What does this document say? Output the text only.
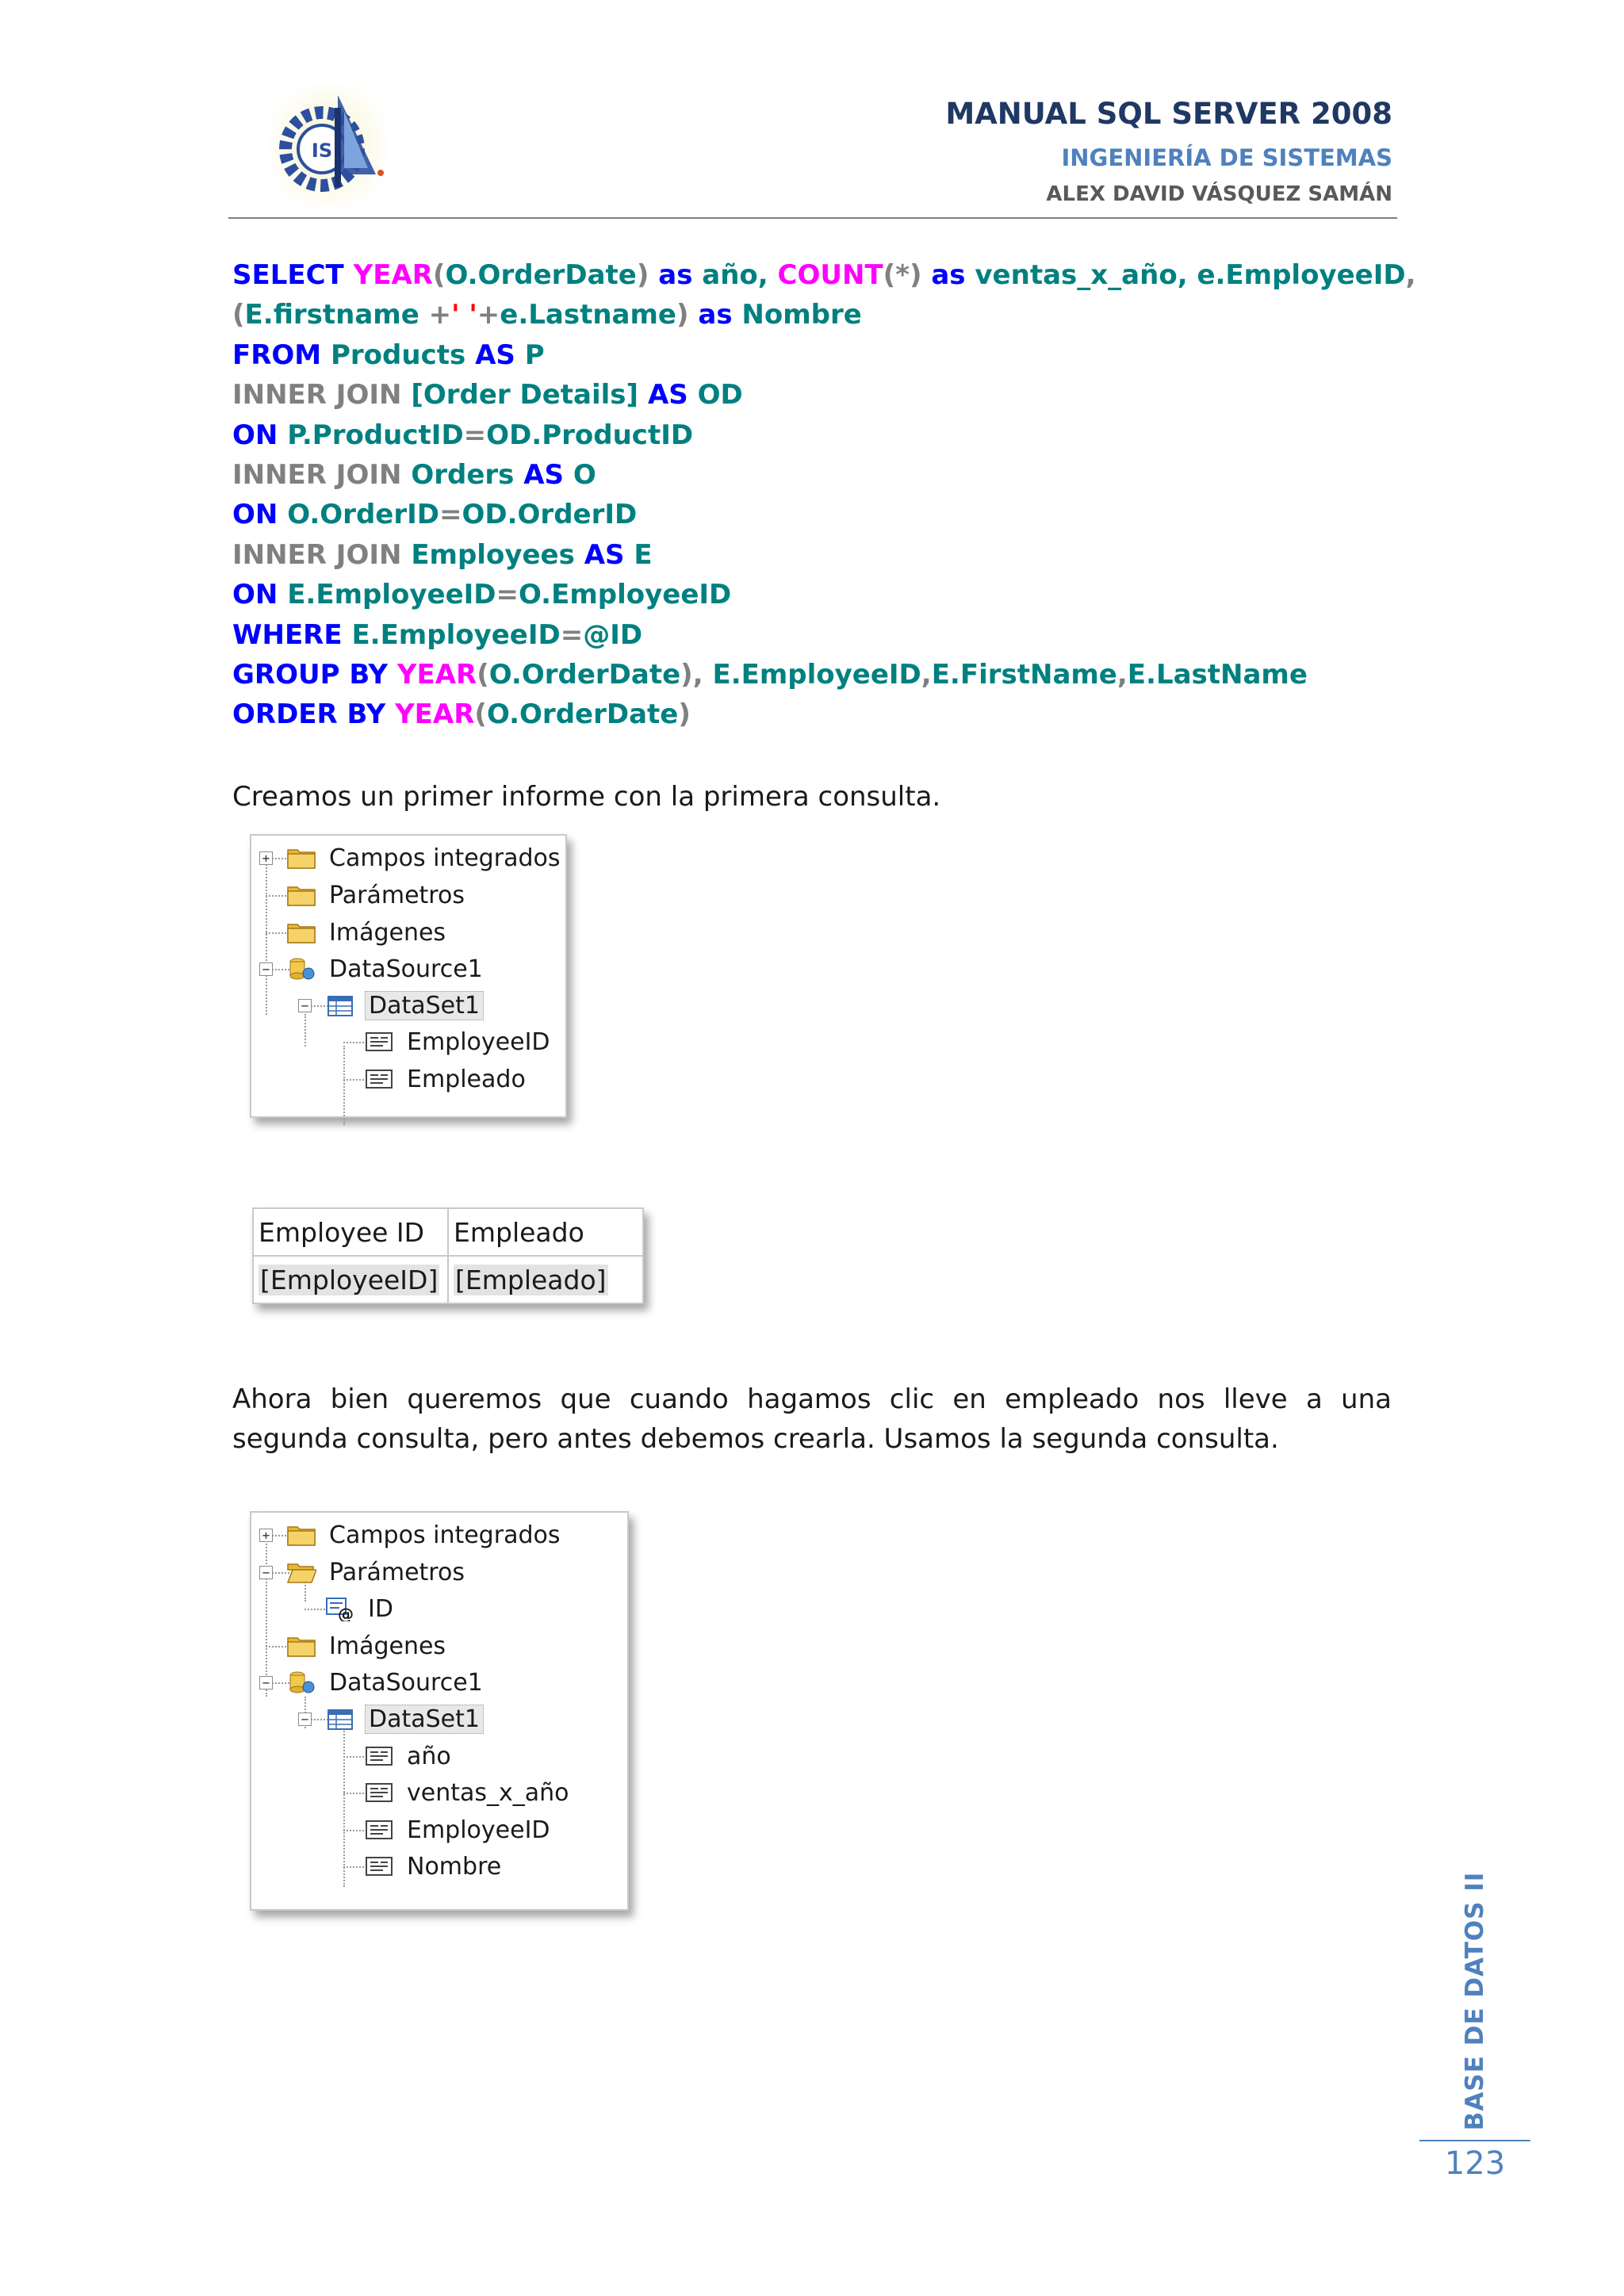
IS
MANUAL SQL SERVER 2008
INGENIERÍA DE SISTEMAS
ALEX DAVID VÁSQUEZ SAMÁN
SELECT YEAR(O.OrderDate) as año, COUNT(*) as ventas_x_año, e.EmployeeID,
(E.firstname +' '+e.Lastname) as Nombre
FROM Products AS P
INNER JOIN [Order Details] AS OD
ON P.ProductID=OD.ProductID
INNER JOIN Orders AS O
ON O.OrderID=OD.OrderID
INNER JOIN Employees AS E
ON E.EmployeeID=O.EmployeeID
WHERE E.EmployeeID=@ID
GROUP BY YEAR(O.OrderDate), E.EmployeeID,E.FirstName,E.LastName
ORDER BY YEAR(O.OrderDate)
Creamos un primer informe con la primera consulta.
+
−
−
Campos integrados
Parámetros
Imágenes
DataSource1
DataSet1
EmployeeID
Empleado
Employee ID	Empleado
[EmployeeID]	[Empleado]
Ahora bien queremos que cuando hagamos clic en empleado nos lleve a una segunda consulta, pero antes debemos crearla. Usamos la segunda consulta.
+
−
−
−
Campos integrados
Parámetros
@ ID
Imágenes
DataSource1
DataSet1
año
ventas_x_año
EmployeeID
Nombre
BASE DE DATOS II
123
